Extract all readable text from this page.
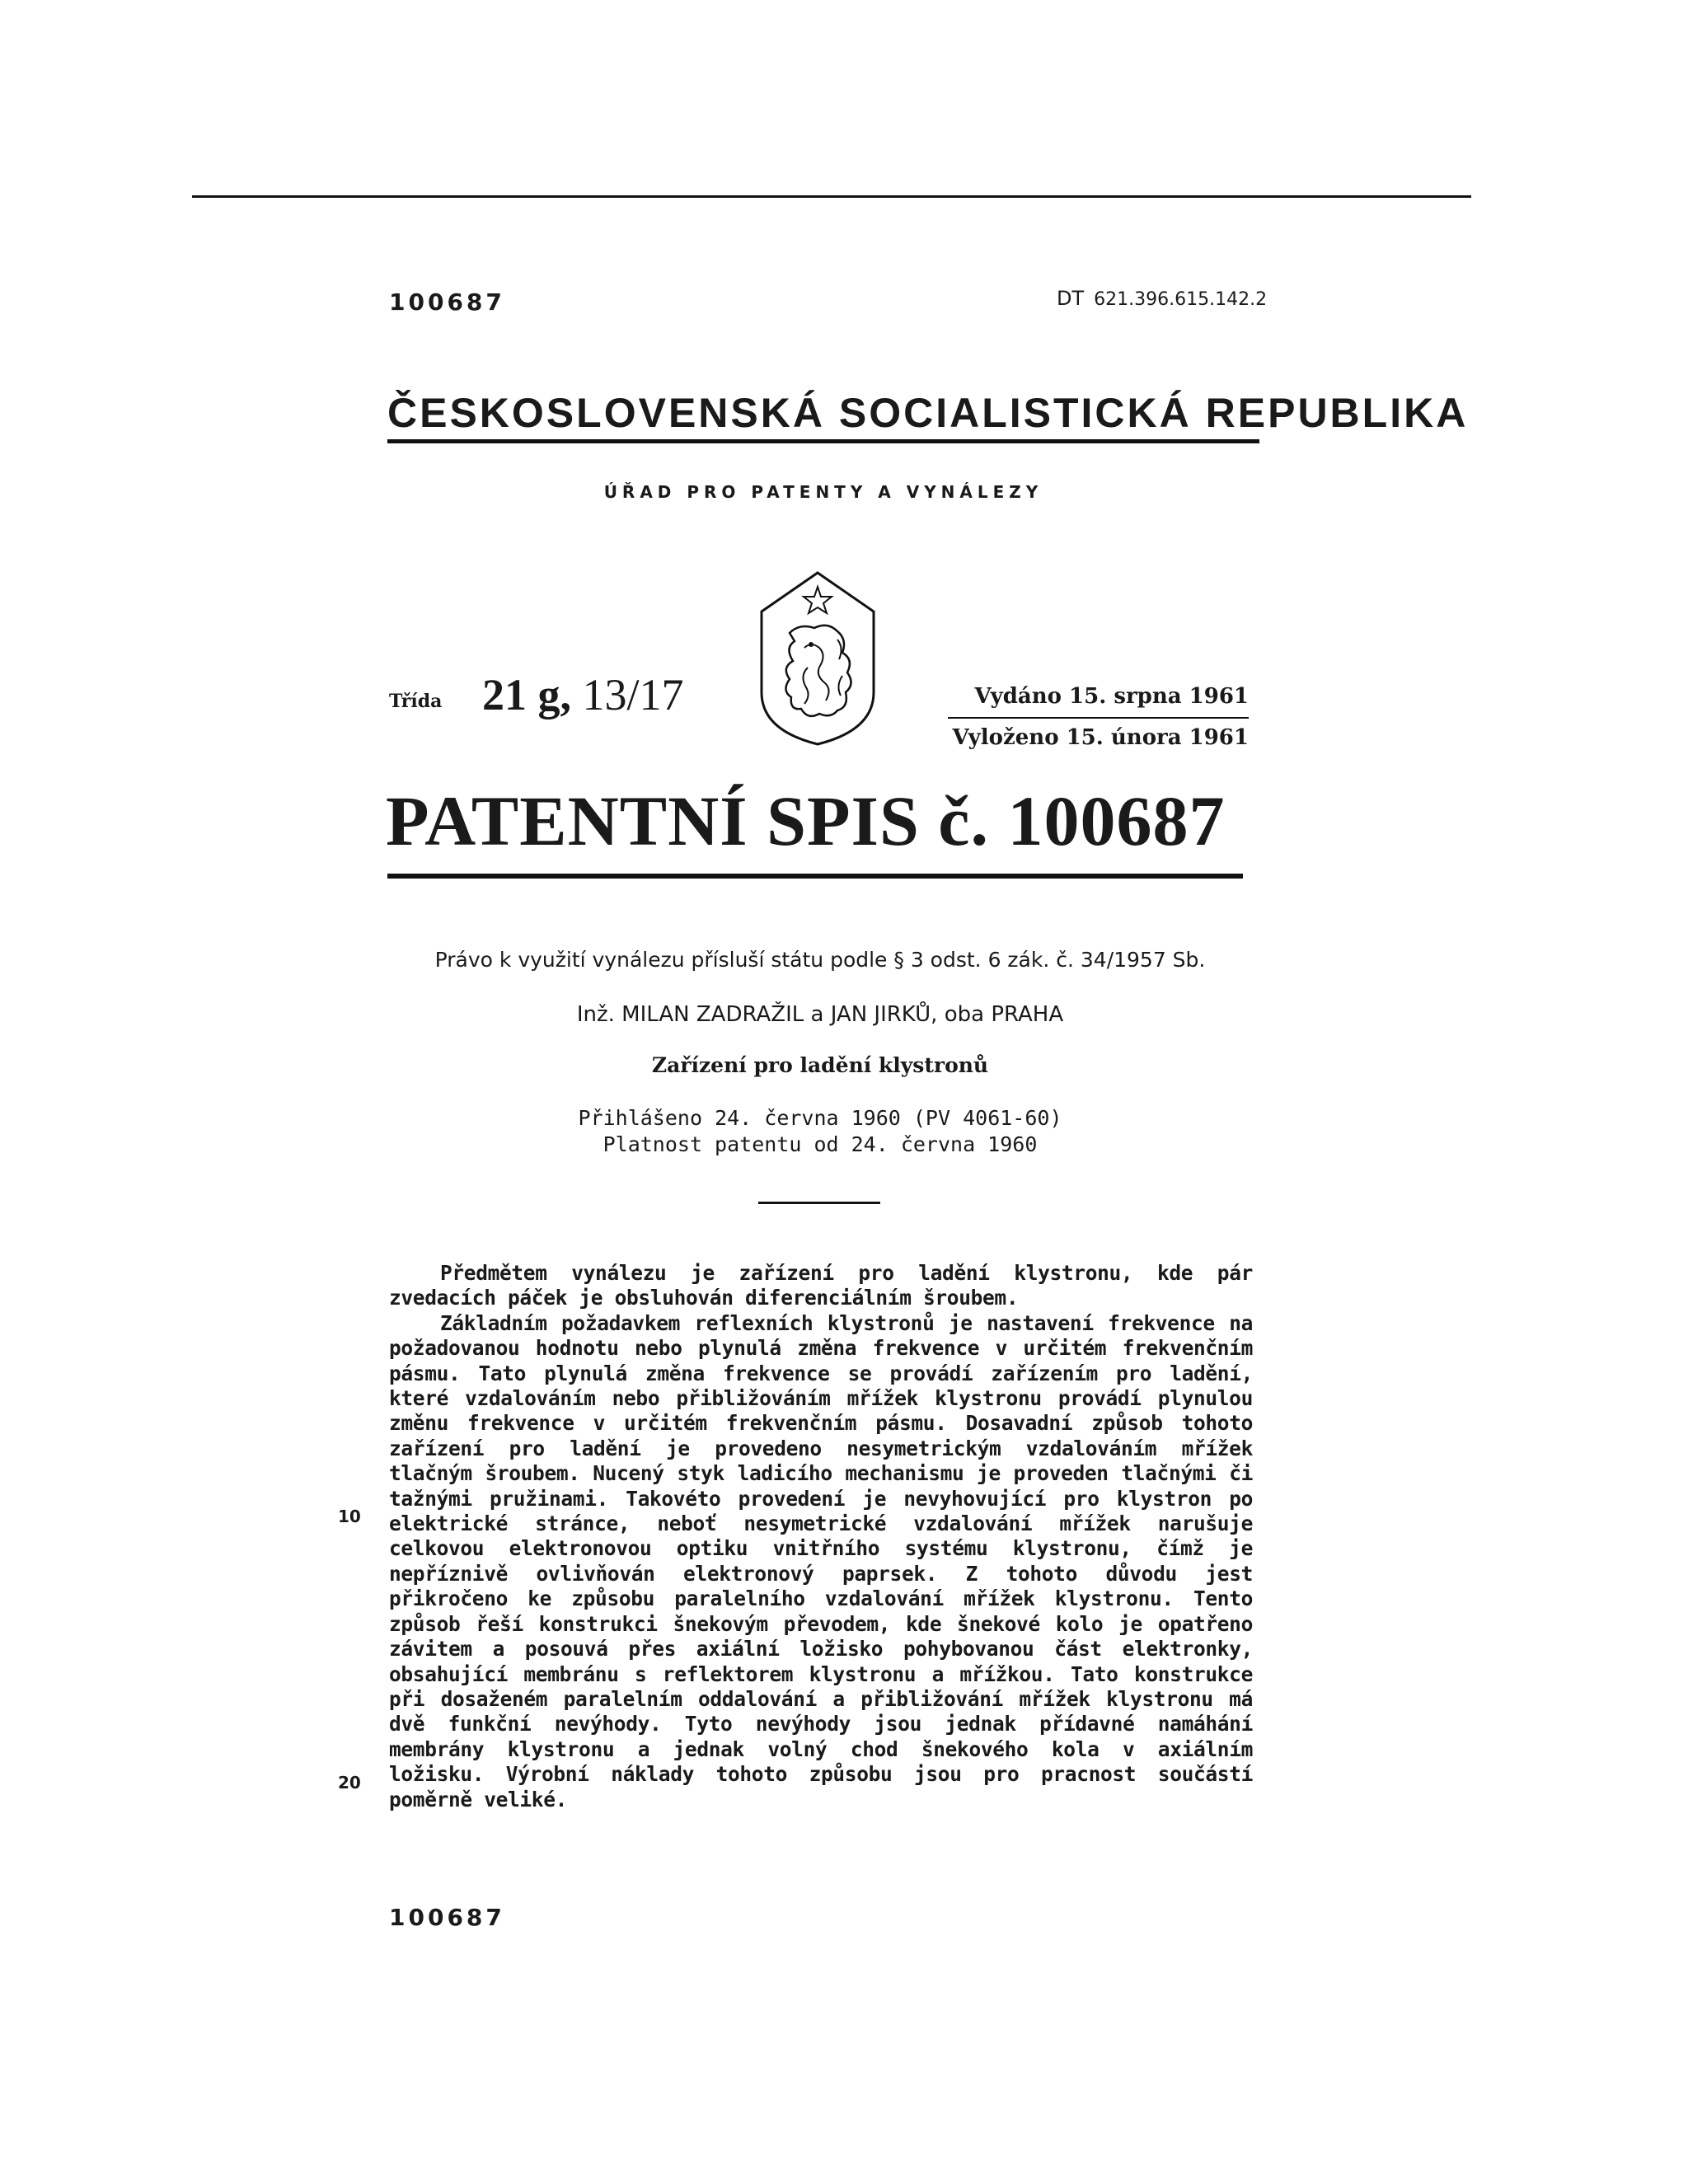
100687	DT 621.396.615.142.2
ČESKOSLOVENSKÁ SOCIALISTICKÁ REPUBLIKA
ÚŘAD PRO PATENTY A VYNÁLEZY
Třída 21 g, 13/17	Vydáno 15. srpna 1961
Vyloženo 15. února 1961
PATENTNÍ SPIS č. 100687
Právo k využití vynálezu přísluší státu podle § 3 odst. 6 zák. č. 34/1957 Sb.
Inž. MILAN ZADRAŽIL a JAN JIRKŮ, oba PRAHA
Zařízení pro ladění klystronů
Přihlášeno 24. června 1960 (PV 4061-60)
Platnost patentu od 24. června 1960

Předmětem vynálezu je zařízení pro ladění klystronu, kde pár zvedacích páček je obsluhován diferenciálním šroubem.

Základním požadavkem reflexních klystronů je nastavení frekvence na požadovanou hodnotu nebo plynulá změna frekvence v určitém frekvenčním pásmu. Tato plynulá změna frekvence se provádí zařízením pro ladění, které vzdalováním nebo přibližováním mřížek klystronu provádí plynulou změnu frekvence v určitém frekvenčním pásmu. Dosavadní způsob tohoto zařízení pro ladění je provedeno nesymetrickým vzdalováním mřížek tlačným šroubem. Nucený styk ladicího mechanismu je proveden tlačnými či tažnými pružinami. Takovéto provedení je nevyhovující pro klystron po elektrické stránce, neboť nesymetrické vzdalování mřížek narušuje celkovou elektronovou optiku vnitřního systému klystronu, čímž je nepříznivě ovlivňován elektronový paprsek. Z tohoto důvodu jest přikročeno ke způsobu paralelního vzdalování mřížek klystronu. Tento způsob řeší konstrukci šnekovým převodem, kde šnekové kolo je opatřeno závitem a posouvá přes axiální ložisko pohybovanou část elektronky, obsahující membránu s reflektorem klystronu a mřížkou. Tato konstrukce při dosaženém paralelním oddalování a přibližování mřížek klystronu má dvě funkční nevýhody. Tyto nevýhody jsou jednak přídavné namáhání membrány klystronu a jednak volný chod šnekového kola v axiálním ložisku. Výrobní náklady tohoto způsobu jsou pro pracnost součástí poměrně veliké.

10
20
100687
